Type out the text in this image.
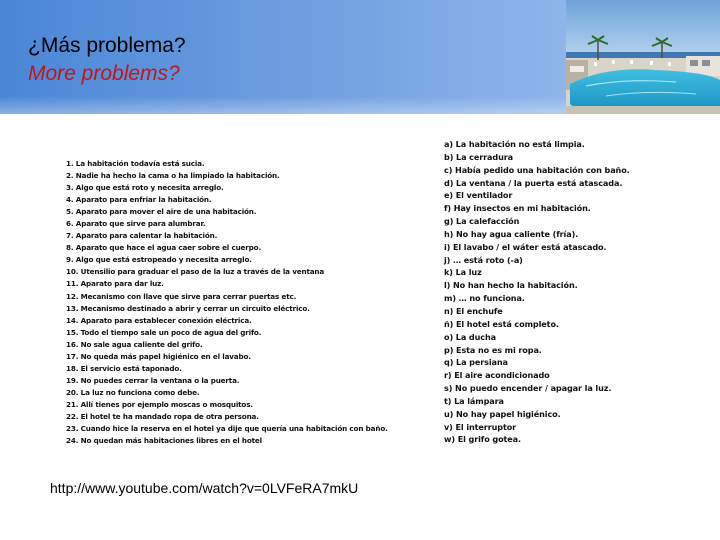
¿Más problema?
More problems?
1. La habitación todavía está sucia.
2. Nadie ha hecho la cama o ha limpiado la habitación.
3. Algo que está roto y necesita arreglo.
4. Aparato para enfriar la habitación.
5. Aparato para mover el aire de una habitación.
6. Aparato que sirve para alumbrar.
7. Aparato para calentar la habitación.
8. Aparato que hace el agua caer sobre el cuerpo.
9. Algo que está estropeado y necesita arreglo.
10. Utensilio para graduar el paso de la luz a través de la ventana
11. Aparato para dar luz.
12. Mecanismo con llave que sirve para cerrar puertas etc.
13. Mecanismo destinado a abrir y cerrar un circuito eléctrico.
14. Aparato para establecer conexión eléctrica.
15. Todo el tiempo sale un poco de agua del grifo.
16. No sale agua caliente del grifo.
17. No queda más papel higiénico en el lavabo.
18. El servicio está taponado.
19. No puedes cerrar la ventana o la puerta.
20. La luz no funciona como debe.
21. Allí tienes por ejemplo moscas o mosquitos.
22. El hotel te ha mandado ropa de otra persona.
23. Cuando hice la reserva en el hotel ya dije que quería una habitación con baño.
24. No quedan más habitaciones libres en el hotel
a) La habitación no está limpia.
b) La cerradura
c) Había pedido una habitación con baño.
d) La ventana / la puerta está atascada.
e) El ventilador
f) Hay insectos en mi habitación.
g) La calefacción
h) No hay agua caliente (fría).
i) El lavabo / el wáter está atascado.
j) … está roto (-a)
k) La luz
l) No han hecho la habitación.
m) … no funciona.
n) El enchufe
ñ) El hotel está completo.
o) La ducha
p) Esta no es mi ropa.
q) La persiana
r) El aire acondicionado
s) No puedo encender / apagar la luz.
t) La lámpara
u) No hay papel higiénico.
v) El interruptor
w) El grifo gotea.
http://www.youtube.com/watch?v=0LVFeRA7mkU
